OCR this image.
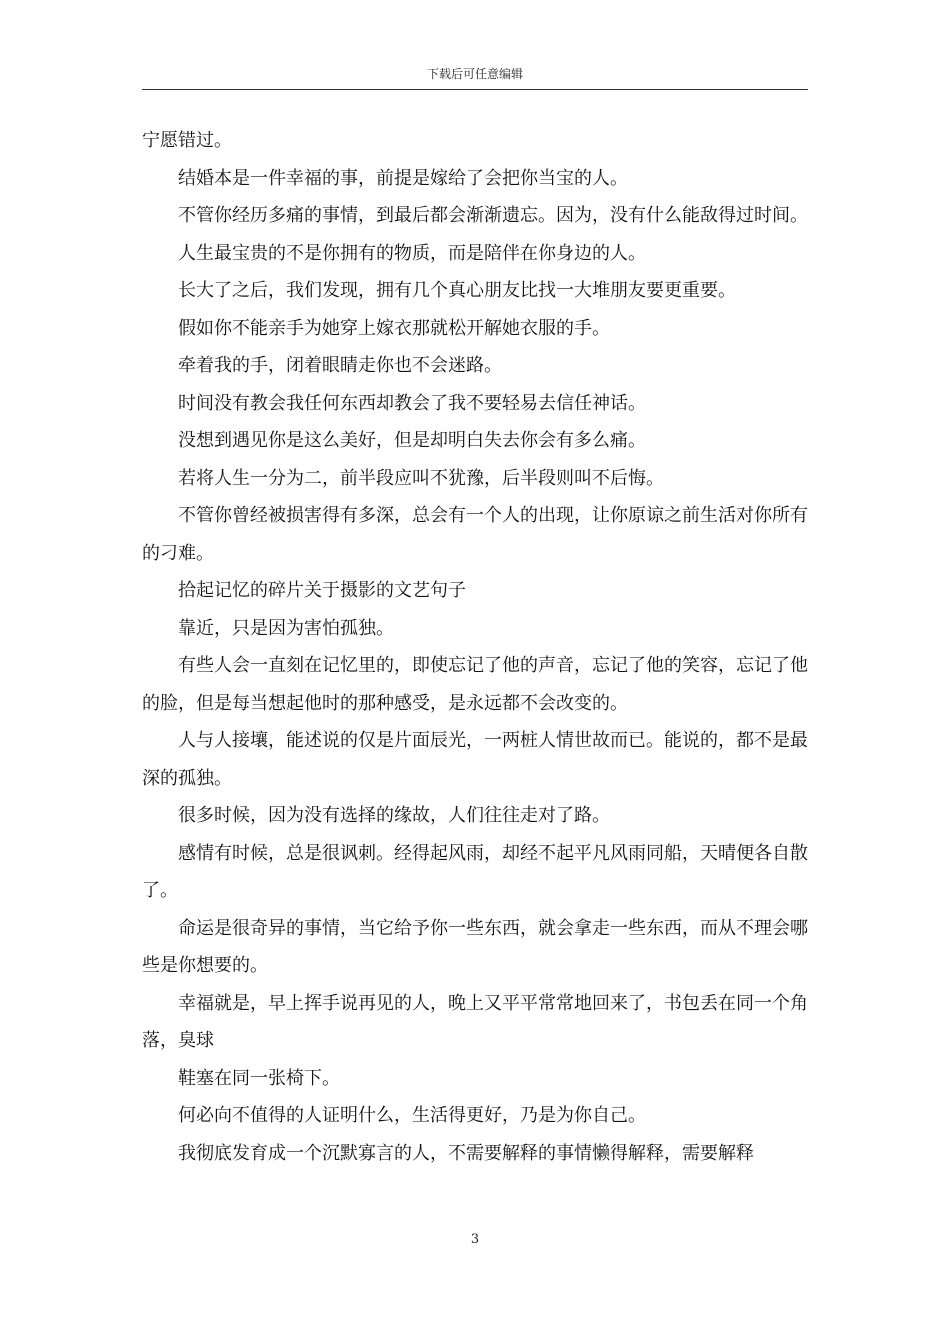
下载后可任意编辑

宁愿错过。

结婚本是一件幸福的事，前提是嫁给了会把你当宝的人。

不管你经历多痛的事情，到最后都会渐渐遗忘。因为，没有什么能敌得过时间。

人生最宝贵的不是你拥有的物质，而是陪伴在你身边的人。

长大了之后，我们发现，拥有几个真心朋友比找一大堆朋友要更重要。

假如你不能亲手为她穿上嫁衣那就松开解她衣服的手。

牵着我的手，闭着眼睛走你也不会迷路。

时间没有教会我任何东西却教会了我不要轻易去信任神话。

没想到遇见你是这么美好，但是却明白失去你会有多么痛。

若将人生一分为二，前半段应叫不犹豫，后半段则叫不后悔。

不管你曾经被损害得有多深，总会有一个人的出现，让你原谅之前生活对你所有的刁难。

拾起记忆的碎片关于摄影的文艺句子

靠近，只是因为害怕孤独。

有些人会一直刻在记忆里的，即使忘记了他的声音，忘记了他的笑容，忘记了他的脸，但是每当想起他时的那种感受，是永远都不会改变的。

人与人接壤，能述说的仅是片面辰光，一两桩人情世故而已。能说的，都不是最深的孤独。

很多时候，因为没有选择的缘故，人们往往走对了路。

感情有时候，总是很讽刺。经得起风雨，却经不起平凡风雨同船，天晴便各自散了。

命运是很奇异的事情，当它给予你一些东西，就会拿走一些东西，而从不理会哪些是你想要的。

幸福就是，早上挥手说再见的人，晚上又平平常常地回来了，书包丢在同一个角落，臭球

鞋塞在同一张椅下。

何必向不值得的人证明什么，生活得更好，乃是为你自己。

我彻底发育成一个沉默寡言的人，不需要解释的事情懒得解释，需要解释

3
